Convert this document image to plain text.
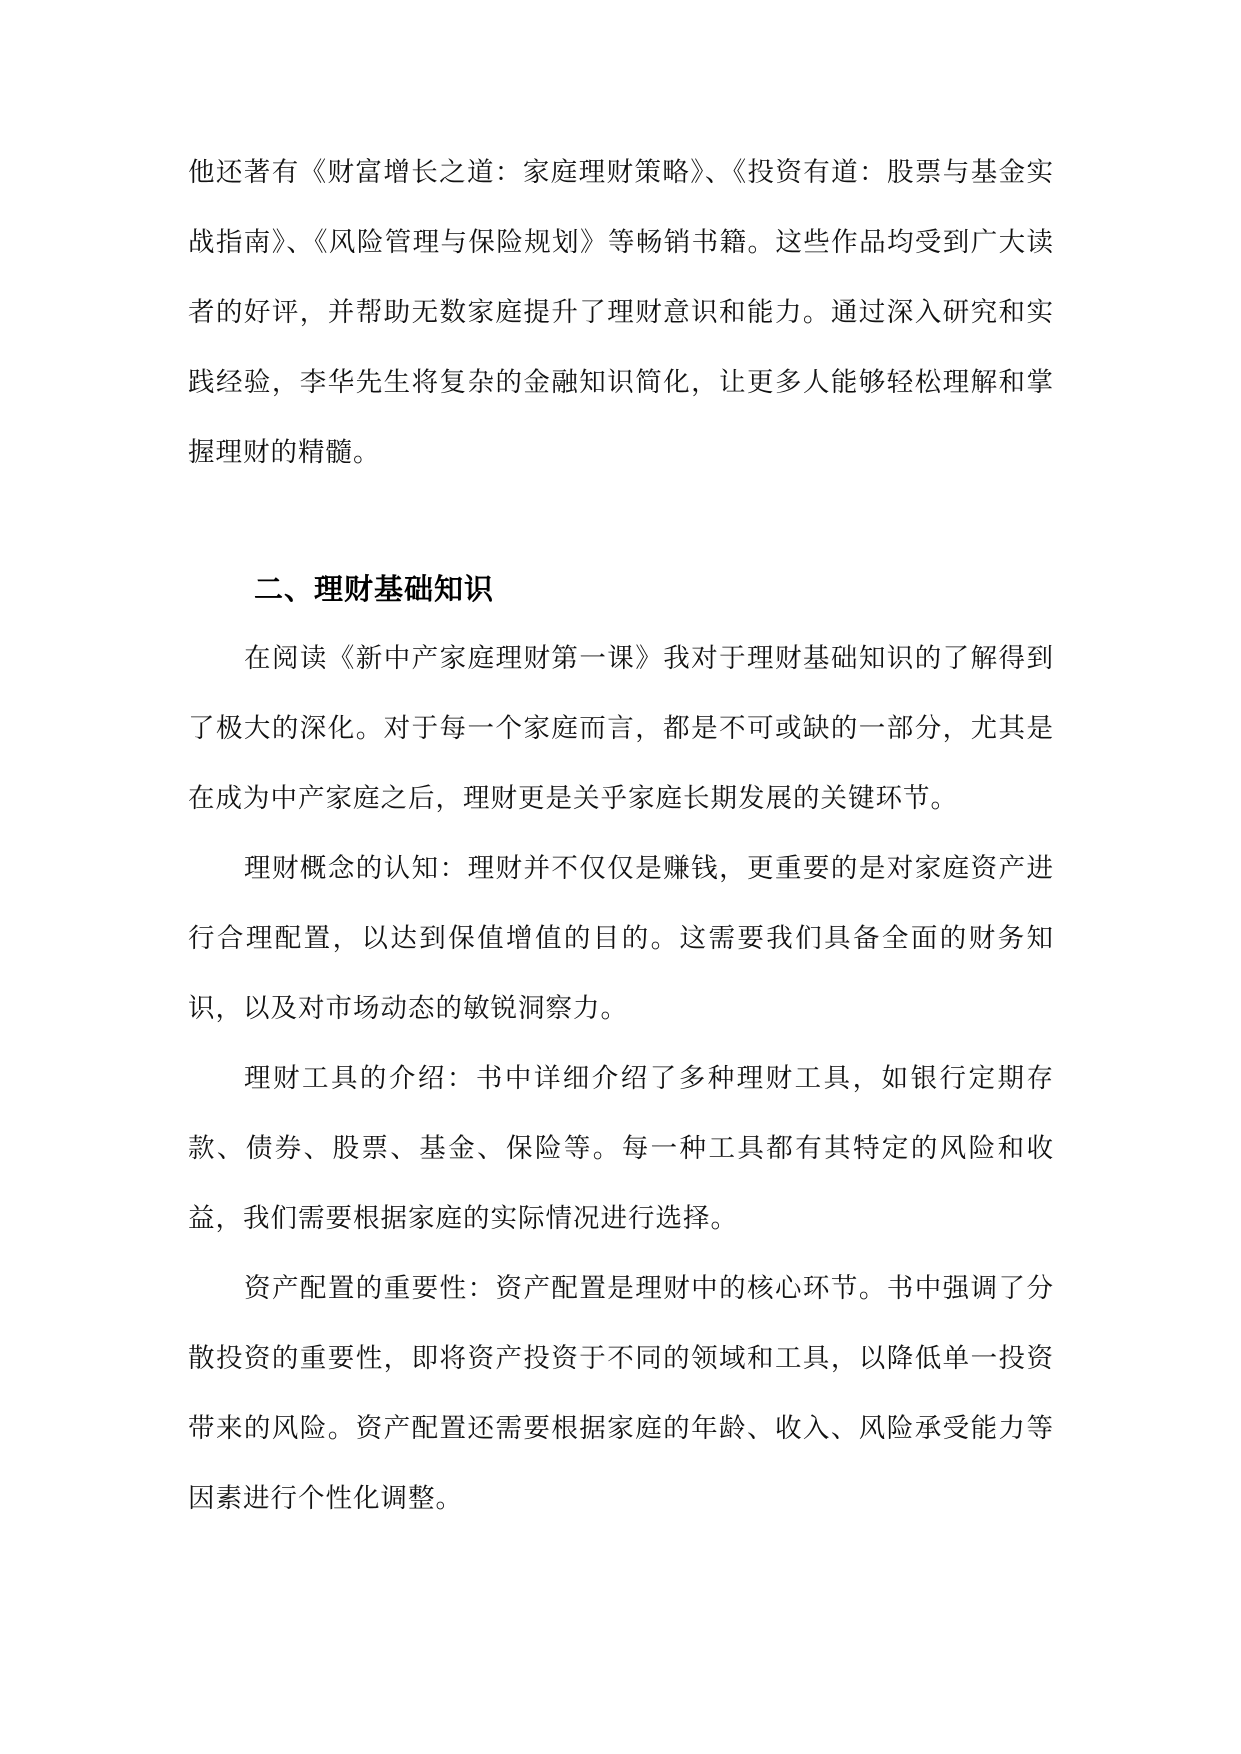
他还著有《财富增长之道：家庭理财策略》、《投资有道：股票与基金实战指南》、《风险管理与保险规划》等畅销书籍。这些作品均受到广大读者的好评，并帮助无数家庭提升了理财意识和能力。通过深入研究和实践经验，李华先生将复杂的金融知识简化，让更多人能够轻松理解和掌握理财的精髓。

二、理财基础知识

在阅读《新中产家庭理财第一课》我对于理财基础知识的了解得到了极大的深化。对于每一个家庭而言，都是不可或缺的一部分，尤其是在成为中产家庭之后，理财更是关乎家庭长期发展的关键环节。

理财概念的认知：理财并不仅仅是赚钱，更重要的是对家庭资产进行合理配置，以达到保值增值的目的。这需要我们具备全面的财务知识，以及对市场动态的敏锐洞察力。

理财工具的介绍：书中详细介绍了多种理财工具，如银行定期存款、债券、股票、基金、保险等。每一种工具都有其特定的风险和收益，我们需要根据家庭的实际情况进行选择。

资产配置的重要性：资产配置是理财中的核心环节。书中强调了分散投资的重要性，即将资产投资于不同的领域和工具，以降低单一投资带来的风险。资产配置还需要根据家庭的年龄、收入、风险承受能力等因素进行个性化调整。
